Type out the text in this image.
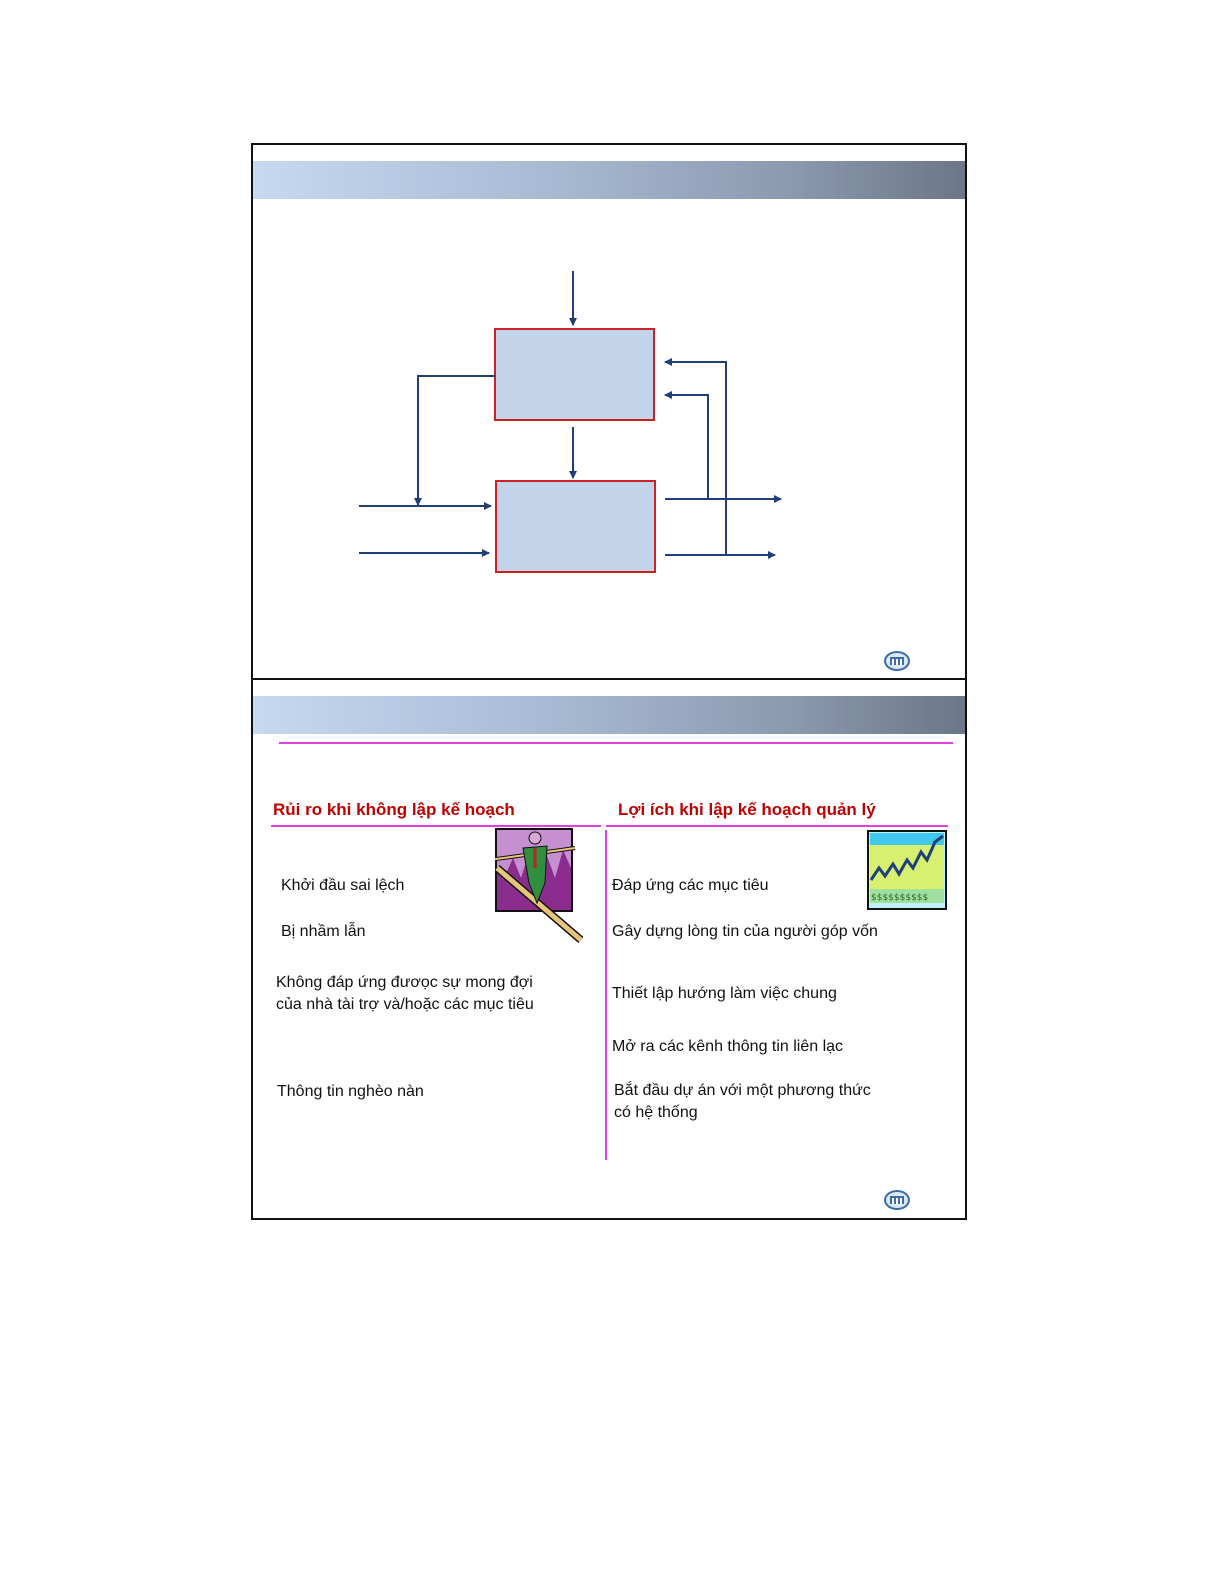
Rủi ro khi không lập kế hoạch	Lợi ích khi lập kế hoạch quản lý
$$$$$$$$$$
Khởi đầu sai lệch
Bị nhầm lẫn
Không đáp ứng đươọc sự mong đợi
của nhà tài trợ và/hoặc các mục tiêu
Thông tin nghèo nàn
Đáp ứng các mục tiêu
Gây dựng lòng tin của người góp vốn
Thiết lập hướng làm việc chung
Mở ra các kênh thông tin liên lạc
Bắt đầu dự án với một phương thức
có hệ thống
